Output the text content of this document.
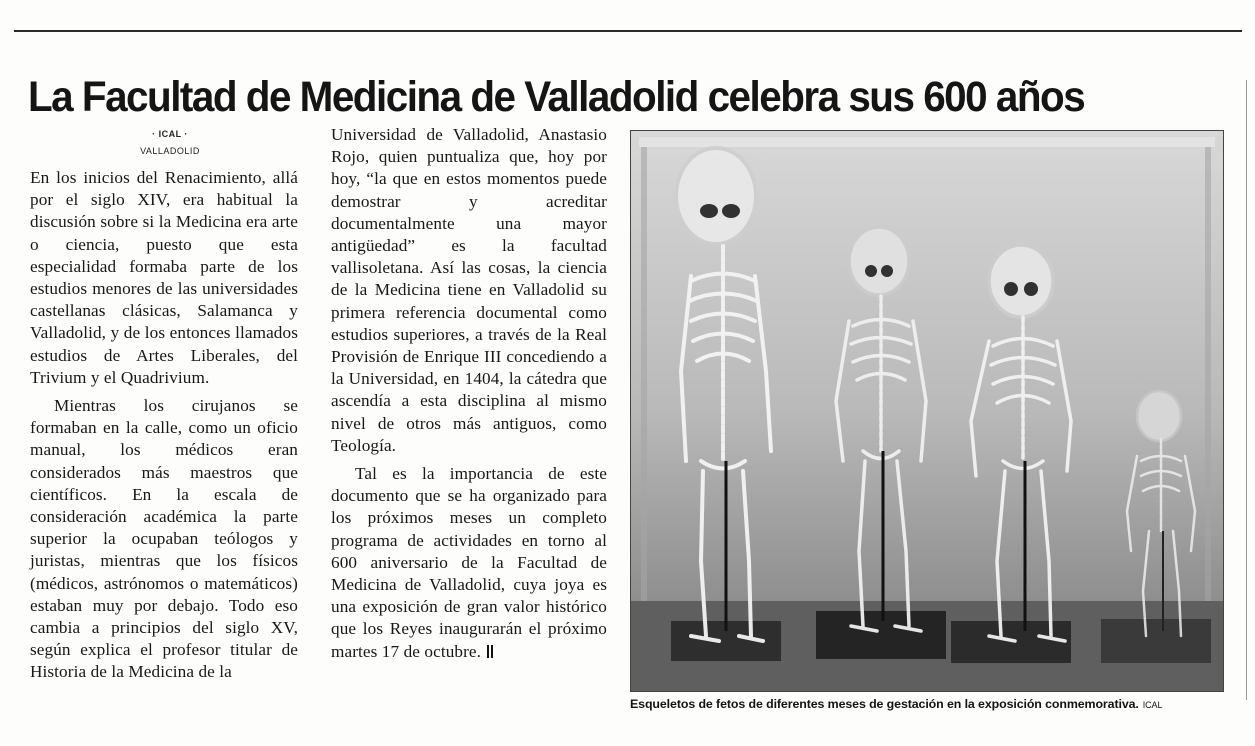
La Facultad de Medicina de Valladolid celebra sus 600 años
· ICAL ·
VALLADOLID

En los inicios del Renacimiento, allá por el siglo XIV, era habitual la discusión sobre si la Medicina era arte o ciencia, puesto que esta especialidad formaba parte de los estudios menores de las universidades castellanas clásicas, Salamanca y Valladolid, y de los entonces llamados estudios de Artes Liberales, del Trivium y el Quadrivium.

Mientras los cirujanos se formaban en la calle, como un oficio manual, los médicos eran considerados más maestros que científicos. En la escala de consideración académica la parte superior la ocupaban teólogos y juristas, mientras que los físicos (médicos, astrónomos o matemáticos) estaban muy por debajo. Todo eso cambia a principios del siglo XV, según explica el profesor titular de Historia de la Medicina de la

Universidad de Valladolid, Anastasio Rojo, quien puntualiza que, hoy por hoy, “la que en estos momentos puede demostrar y acreditar documentalmente una mayor antigüedad” es la facultad vallisoletana. Así las cosas, la ciencia de la Medicina tiene en Valladolid su primera referencia documental como estudios superiores, a través de la Real Provisión de Enrique III concediendo a la Universidad, en 1404, la cátedra que ascendía a esta disciplina al mismo nivel de otros más antiguos, como Teología.

Tal es la importancia de este documento que se ha organizado para los próximos meses un completo programa de actividades en torno al 600 aniversario de la Facultad de Medicina de Valladolid, cuya joya es una exposición de gran valor histórico que los Reyes inaugurarán el próximo martes 17 de octubre.

Esqueletos de fetos de diferentes meses de gestación en la exposición conmemorativa. ICAL
